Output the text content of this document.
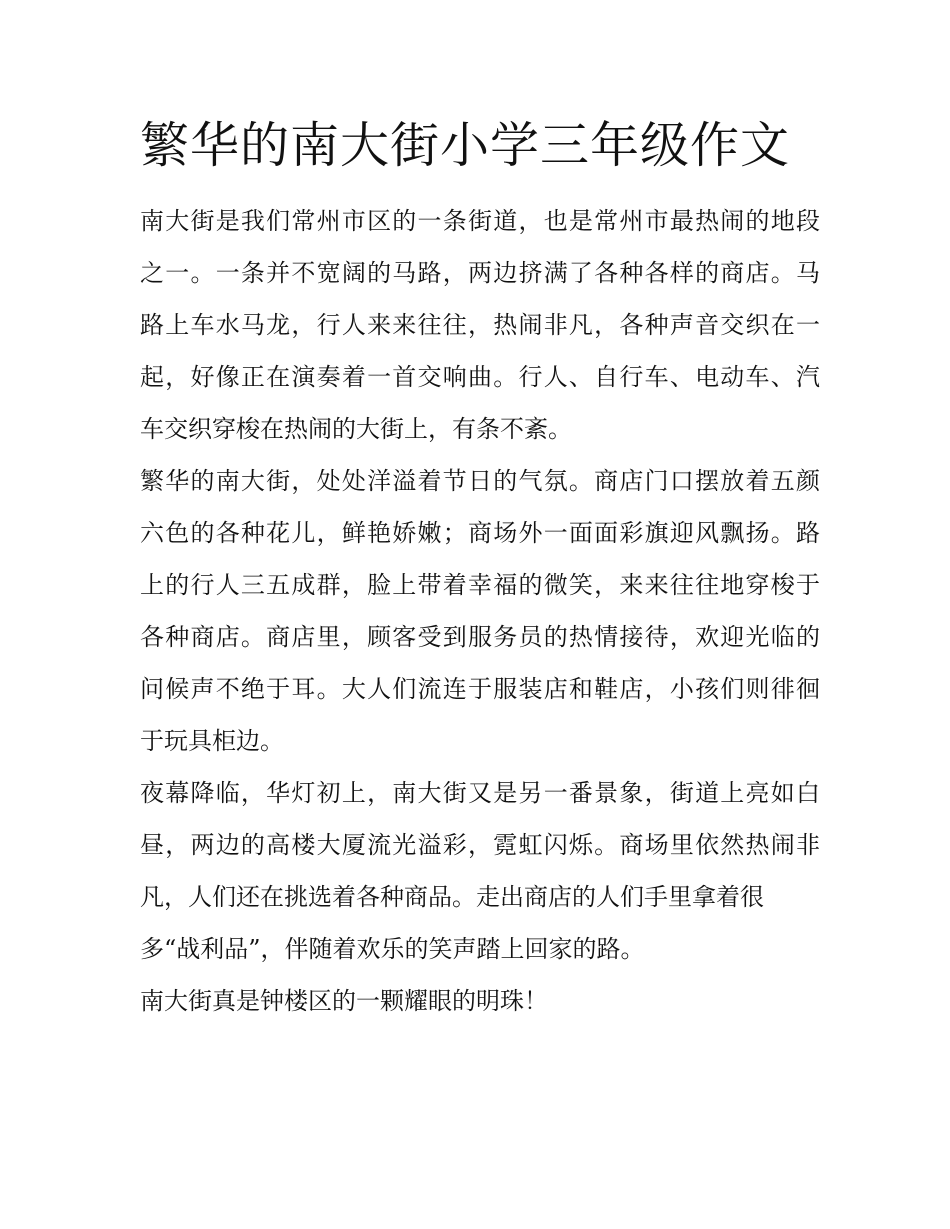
繁华的南大街小学三年级作文

南大街是我们常州市区的一条街道，也是常州市最热闹的地段
之一。一条并不宽阔的马路，两边挤满了各种各样的商店。马
路上车水马龙，行人来来往往，热闹非凡，各种声音交织在一
起，好像正在演奏着一首交响曲。行人、自行车、电动车、汽
车交织穿梭在热闹的大街上，有条不紊。

繁华的南大街，处处洋溢着节日的气氛。商店门口摆放着五颜
六色的各种花儿，鲜艳娇嫩；商场外一面面彩旗迎风飘扬。路
上的行人三五成群，脸上带着幸福的微笑，来来往往地穿梭于
各种商店。商店里，顾客受到服务员的热情接待，欢迎光临的
问候声不绝于耳。大人们流连于服装店和鞋店，小孩们则徘徊
于玩具柜边。

夜幕降临，华灯初上，南大街又是另一番景象，街道上亮如白
昼，两边的高楼大厦流光溢彩，霓虹闪烁。商场里依然热闹非
凡，人们还在挑选着各种商品。走出商店的人们手里拿着很
多“战利品”，伴随着欢乐的笑声踏上回家的路。

南大街真是钟楼区的一颗耀眼的明珠！
